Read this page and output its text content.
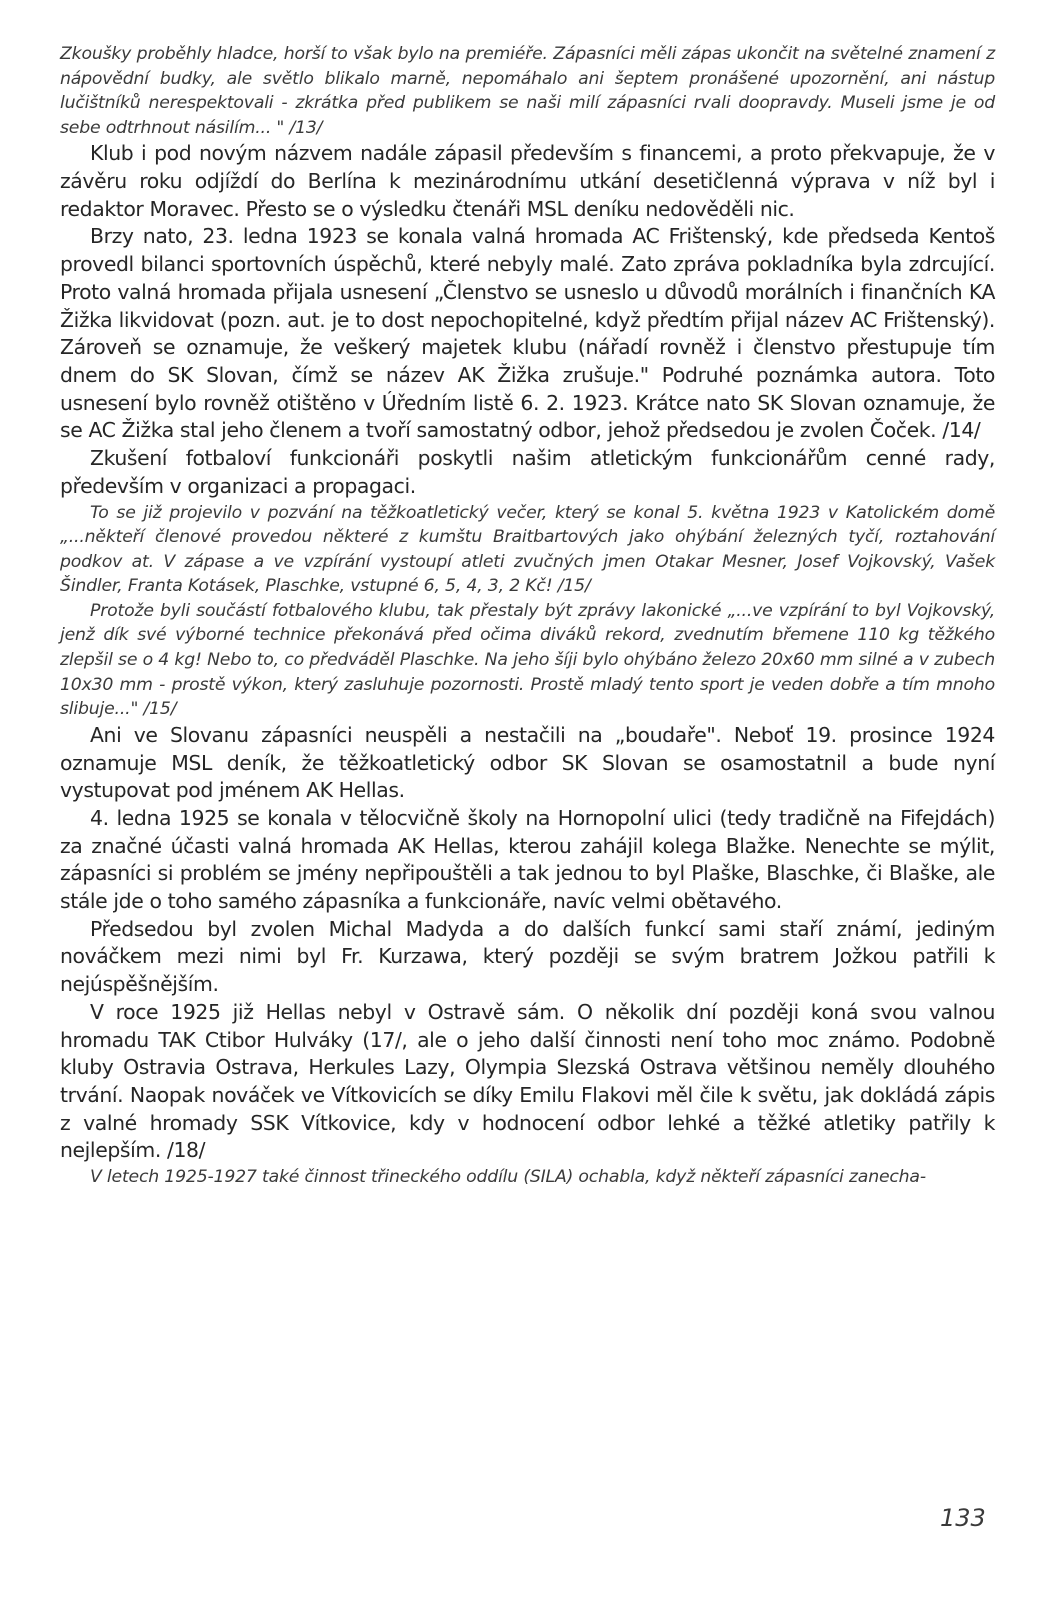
Zkoušky proběhly hladce, horší to však bylo na premiéře. Zápasníci měli zápas ukončit na světelné znamení z nápovědní budky, ale světlo blikalo marně, nepomáhalo ani šeptem pronášené upozornění, ani nástup lučištníků nerespektovali - zkrátka před publikem se naši milí zápasníci rvali doopravdy. Museli jsme je od sebe odtrhnout násilím... " /13/

Klub i pod novým názvem nadále zápasil především s financemi, a proto překvapuje, že v závěru roku odjíždí do Berlína k mezinárodnímu utkání desetičlenná výprava v níž byl i redaktor Moravec. Přesto se o výsledku čtenáři MSL deníku nedověděli nic.

Brzy nato, 23. ledna 1923 se konala valná hromada AC Frištenský, kde předseda Kentoš provedl bilanci sportovních úspěchů, které nebyly malé. Zato zpráva pokladníka byla zdrcující. Proto valná hromada přijala usnesení „Členstvo se usneslo u důvodů morálních i finančních KA Žižka likvidovat (pozn. aut. je to dost nepochopitelné, když předtím přijal název AC Frištenský). Zároveň se oznamuje, že veškerý majetek klubu (nářadí rovněž i členstvo přestupuje tím dnem do SK Slovan, čímž se název AK Žižka zrušuje." Podruhé poznámka autora. Toto usnesení bylo rovněž otištěno v Úředním listě 6. 2. 1923. Krátce nato SK Slovan oznamuje, že se AC Žižka stal jeho členem a tvoří samostatný odbor, jehož předsedou je zvolen Čoček. /14/

Zkušení fotbaloví funkcionáři poskytli našim atletickým funkcionářům cenné rady, především v organizaci a propagaci.

To se již projevilo v pozvání na těžkoatletický večer, který se konal 5. května 1923 v Katolickém domě „...někteří členové provedou některé z kumštu Braitbartových jako ohýbání železných tyčí, roztahování podkov at. V zápase a ve vzpírání vystoupí atleti zvučných jmen Otakar Mesner, Josef Vojkovský, Vašek Šindler, Franta Kotásek, Plaschke, vstupné 6, 5, 4, 3, 2 Kč! /15/

Protože byli součástí fotbalového klubu, tak přestaly být zprávy lakonické „...ve vzpírání to byl Vojkovský, jenž dík své výborné technice překonává před očima diváků rekord, zvednutím břemene 110 kg těžkého zlepšil se o 4 kg! Nebo to, co předváděl Plaschke. Na jeho šíji bylo ohýbáno železo 20x60 mm silné a v zubech 10x30 mm - prostě výkon, který zasluhuje pozornosti. Prostě mladý tento sport je veden dobře a tím mnoho slibuje..." /15/

Ani ve Slovanu zápasníci neuspěli a nestačili na „boudaře". Neboť 19. prosince 1924 oznamuje MSL deník, že těžkoatletický odbor SK Slovan se osamostatnil a bude nyní vystupovat pod jménem AK Hellas.

4. ledna 1925 se konala v tělocvičně školy na Hornopolní ulici (tedy tradičně na Fifejdách) za značné účasti valná hromada AK Hellas, kterou zahájil kolega Blažke. Nenechte se mýlit, zápasníci si problém se jmény nepřipouštěli a tak jednou to byl Plaške, Blaschke, či Blaške, ale stále jde o toho samého zápasníka a funkcionáře, navíc velmi obětavého.

Předsedou byl zvolen Michal Madyda a do dalších funkcí sami staří známí, jediným nováčkem mezi nimi byl Fr. Kurzawa, který později se svým bratrem Jožkou patřili k nejúspěšnějším.

V roce 1925 již Hellas nebyl v Ostravě sám. O několik dní později koná svou valnou hromadu TAK Ctibor Hulváky (17/, ale o jeho další činnosti není toho moc známo. Podobně kluby Ostravia Ostrava, Herkules Lazy, Olympia Slezská Ostrava většinou neměly dlouhého trvání. Naopak nováček ve Vítkovicích se díky Emilu Flakovi měl čile k světu, jak dokládá zápis z valné hromady SSK Vítkovice, kdy v hodnocení odbor lehké a těžké atletiky patřily k nejlepším. /18/

V letech 1925-1927 také činnost třineckého oddílu (SILA) ochabla, když někteří zápasníci zanecha-

133
